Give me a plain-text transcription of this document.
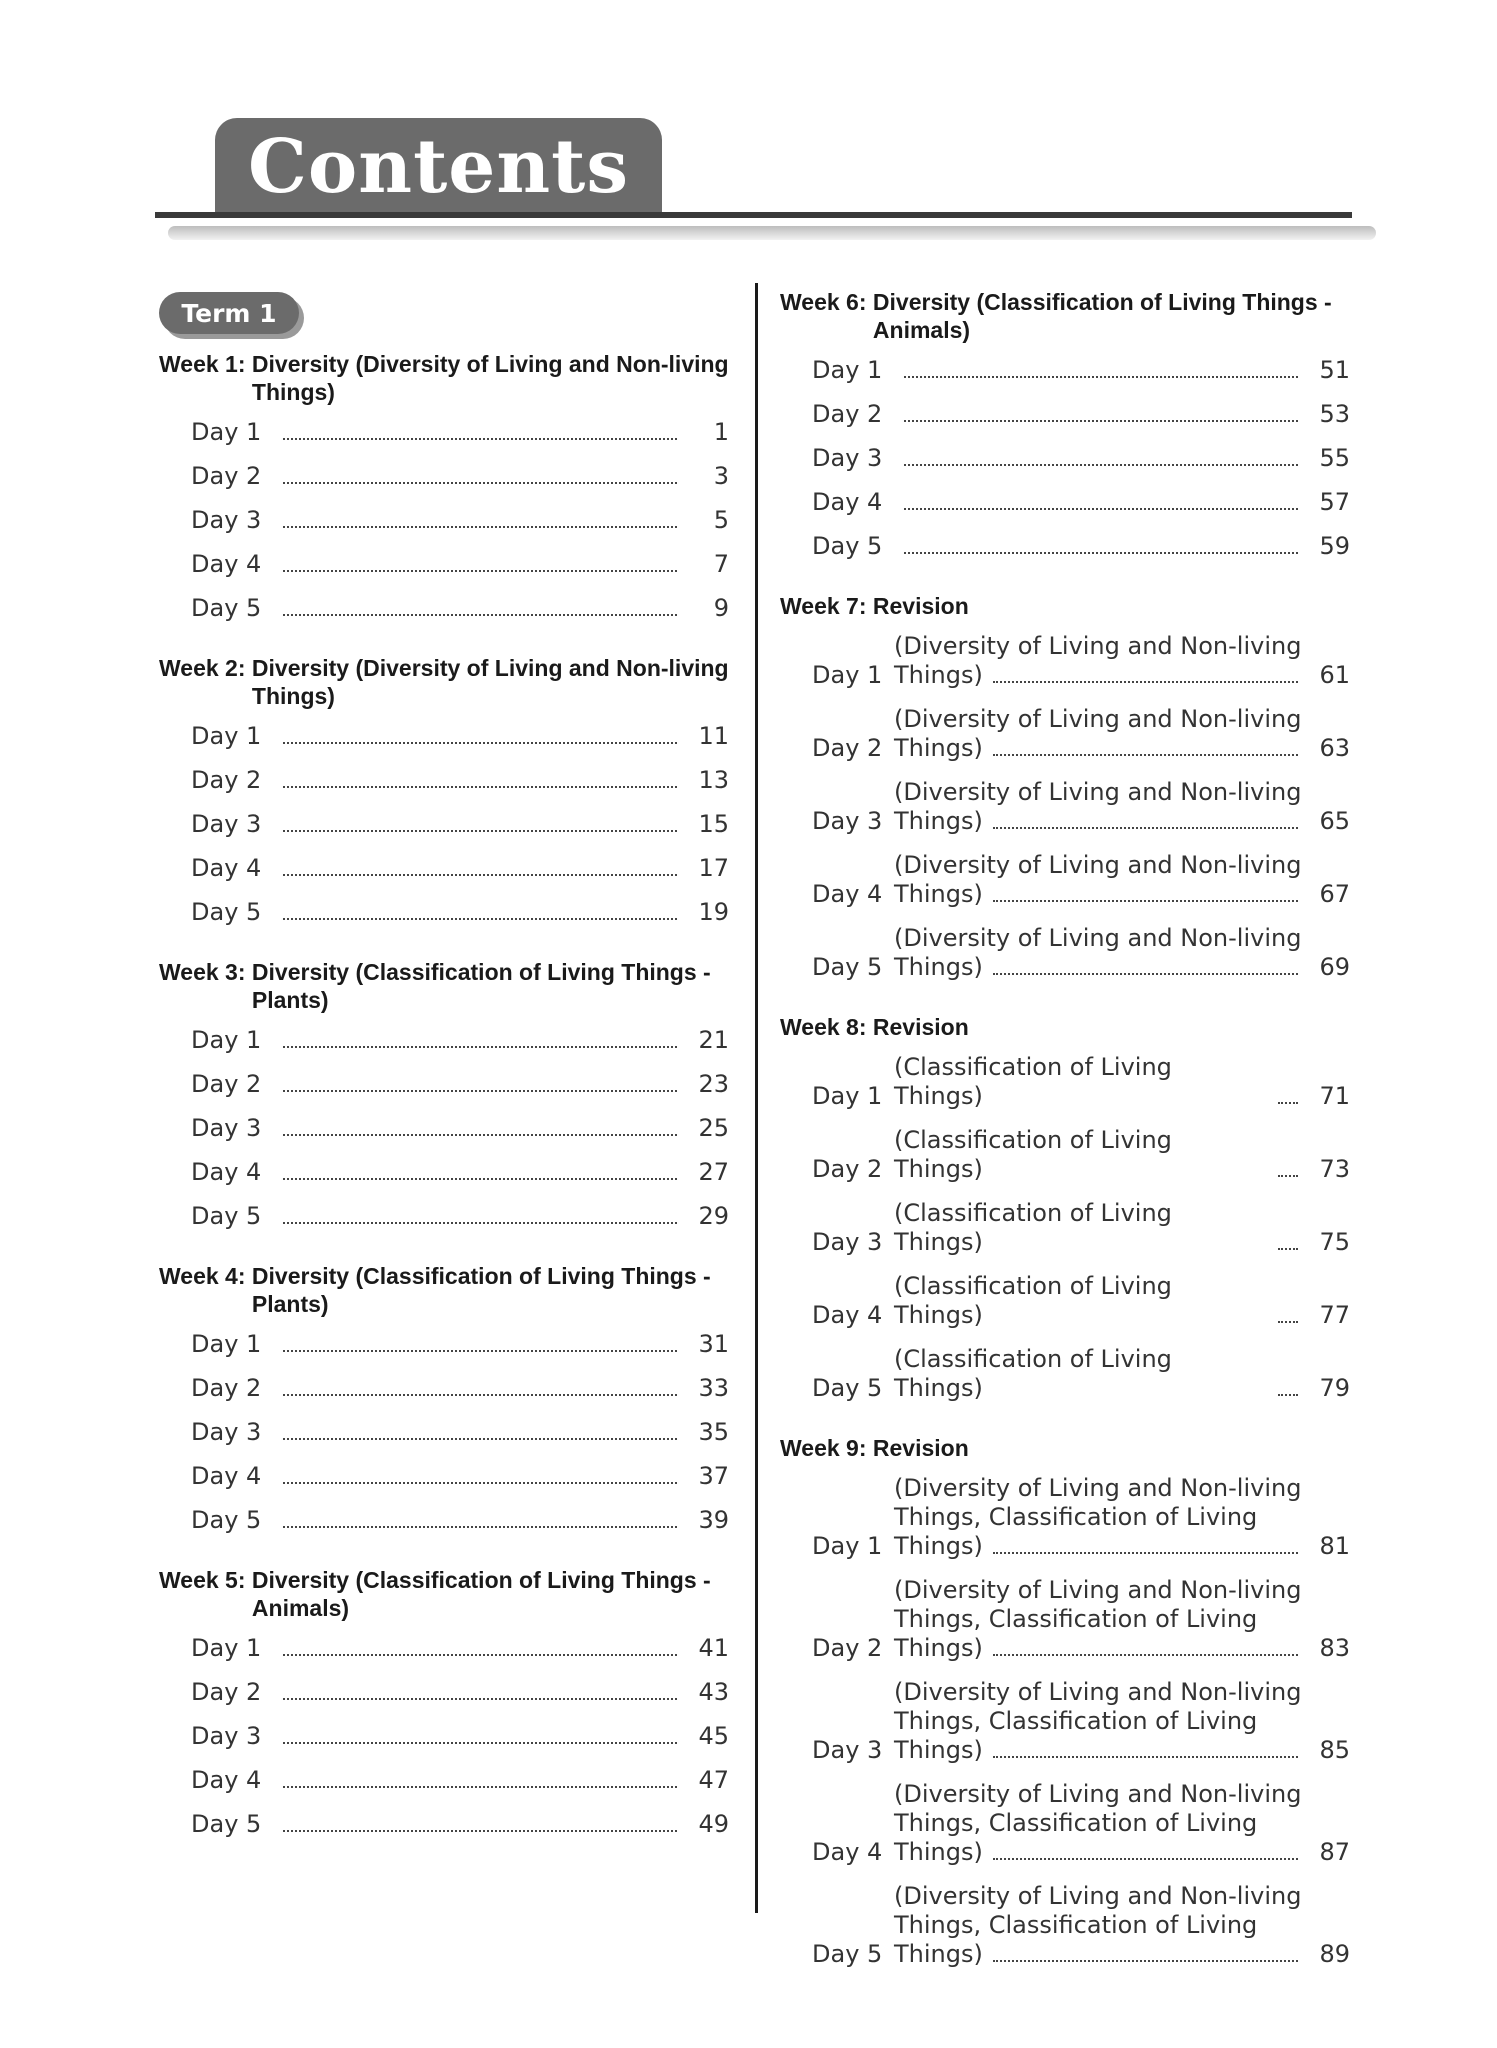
Contents
Term 1
Week 1:
Diversity (Diversity of Living and Non-living Things)
Day 1	1
Day 2	3
Day 3	5
Day 4	7
Day 5	9
Week 2:
Diversity (Diversity of Living and Non-living Things)
Day 1	11
Day 2	13
Day 3	15
Day 4	17
Day 5	19
Week 3:
Diversity (Classification of Living Things - Plants)
Day 1	21
Day 2	23
Day 3	25
Day 4	27
Day 5	29
Week 4:
Diversity (Classification of Living Things - Plants)
Day 1	31
Day 2	33
Day 3	35
Day 4	37
Day 5	39
Week 5:
Diversity (Classification of Living Things - Animals)
Day 1	41
Day 2	43
Day 3	45
Day 4	47
Day 5	49
Week 6:
Diversity (Classification of Living Things - Animals)
Day 1	51
Day 2	53
Day 3	55
Day 4	57
Day 5	59
Week 7:
Revision
Day 1
(Diversity of Living and Non-living
Things)	61
Day 2
(Diversity of Living and Non-living
Things)	63
Day 3
(Diversity of Living and Non-living
Things)	65
Day 4
(Diversity of Living and Non-living
Things)	67
Day 5
(Diversity of Living and Non-living
Things)	69
Week 8:
Revision
Day 1
(Classification of Living Things)	71
Day 2
(Classification of Living Things)	73
Day 3
(Classification of Living Things)	75
Day 4
(Classification of Living Things)	77
Day 5
(Classification of Living Things)	79
Week 9:
Revision
Day 1
(Diversity of Living and Non-living
Things, Classification of Living
Things)	81
Day 2
(Diversity of Living and Non-living
Things, Classification of Living
Things)	83
Day 3
(Diversity of Living and Non-living
Things, Classification of Living
Things)	85
Day 4
(Diversity of Living and Non-living
Things, Classification of Living
Things)	87
Day 5
(Diversity of Living and Non-living
Things, Classification of Living
Things)	89
